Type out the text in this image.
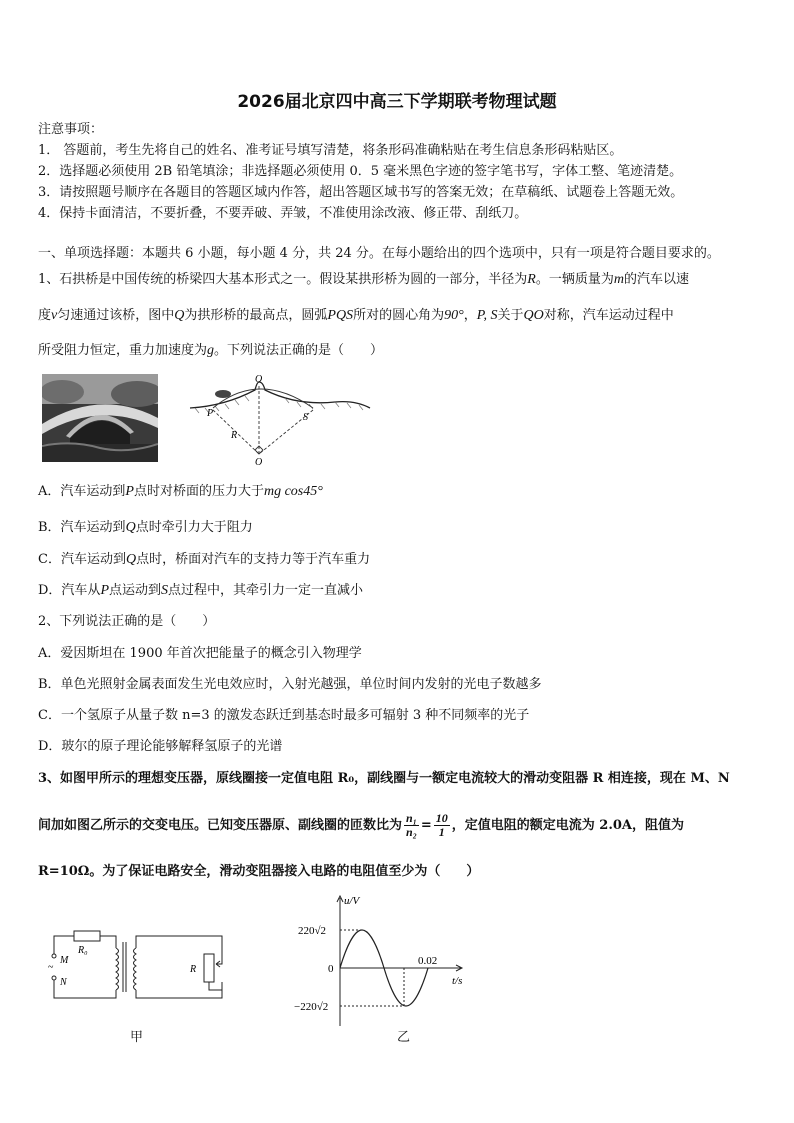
2026届北京四中高三下学期联考物理试题
注意事项：
1． 答题前，考生先将自己的姓名、准考证号填写清楚，将条形码准确粘贴在考生信息条形码粘贴区。
2．选择题必须使用 2B 铅笔填涂；非选择题必须使用 0．5 毫米黑色字迹的签字笔书写，字体工整、笔迹清楚。
3．请按照题号顺序在各题目的答题区域内作答，超出答题区域书写的答案无效；在草稿纸、试题卷上答题无效。
4．保持卡面清洁，不要折叠，不要弄破、弄皱，不准使用涂改液、修正带、刮纸刀。
一、单项选择题：本题共 6 小题，每小题 4 分，共 24 分。在每小题给出的四个选项中，只有一项是符合题目要求的。
1、石拱桥是中国传统的桥梁四大基本形式之一。假设某拱形桥为圆的一部分，半径为R。一辆质量为m的汽车以速
度v匀速通过该桥，图中Q为拱形桥的最高点，圆弧PQS所对的圆心角为90°，P, S关于QO对称，汽车运动过程中
所受阻力恒定，重力加速度为g。下列说法正确的是（　　）
O
P	S
R
O
A．汽车运动到P点时对桥面的压力大于mg cos45°
B．汽车运动到Q点时牵引力大于阻力
C．汽车运动到Q点时，桥面对汽车的支持力等于汽车重力
D．汽车从P点运动到S点过程中，其牵引力一定一直减小
2、下列说法正确的是（　　）
A．爱因斯坦在 1900 年首次把能量子的概念引入物理学
B．单色光照射金属表面发生光电效应时，入射光越强，单位时间内发射的光电子数越多
C．一个氢原子从量子数 n=3 的激发态跃迁到基态时最多可辐射 3 种不同频率的光子
D．玻尔的原子理论能够解释氢原子的光谱
3、如图甲所示的理想变压器，原线圈接一定值电阻 R₀，副线圈与一额定电流较大的滑动变阻器 R 相连接，现在 M、N
间加如图乙所示的交变电压。已知变压器原、副线圈的匝数比为 $\frac{\text{n₁}}{\text{n₂}} = \frac{10}{1}$ ，定值电阻的额定电流为 2.0A，阻值为
R=10Ω。为了保证电路安全，滑动变阻器接入电路的电阻值至少为（　　）
~
M
N
R₀
R
甲
u/V
220√2
0
−220√2
0.02
t/s
乙
